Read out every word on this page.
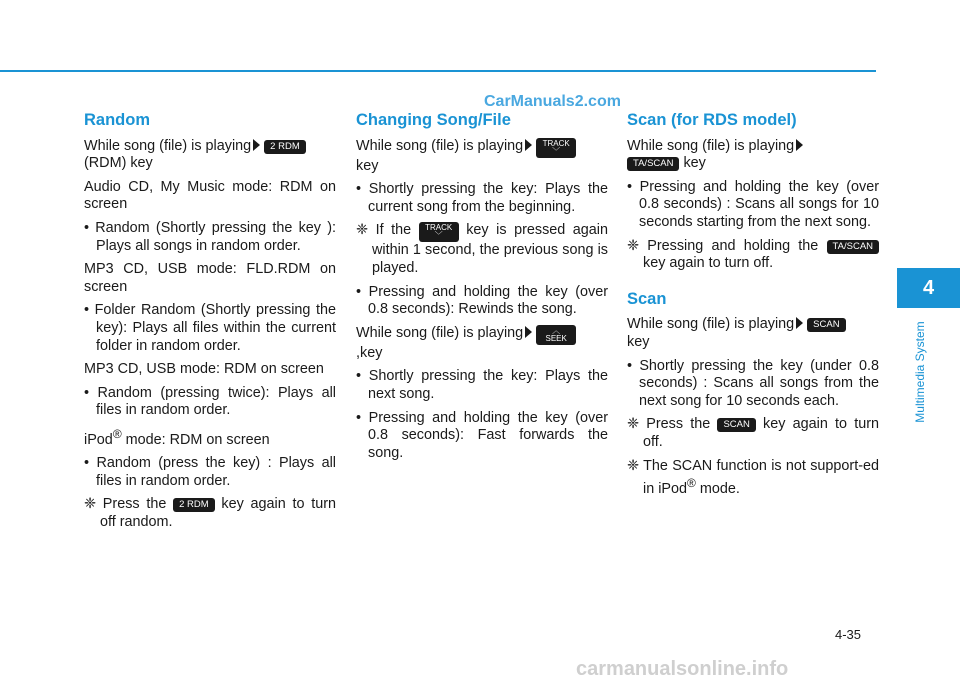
CarManuals2.com
Random
While song (file) is playing 2 RDM
(RDM) key
Audio CD, My Music mode: RDM on screen
• Random (Shortly pressing the key ): Plays all songs in random order.
MP3 CD, USB mode: FLD.RDM on screen
• Folder Random (Shortly pressing the key): Plays all files within the current folder in random order.
MP3 CD, USB mode: RDM on screen
• Random (pressing twice): Plays all files in random order.
iPod® mode: RDM on screen
• Random (press the key) : Plays all files in random order.
❈ Press the 2 RDM key again to turn off random.
Changing Song/File
While song (file) is playing TRACK
﹀
key
• Shortly pressing the key: Plays the current song from the beginning.
❈ If the TRACK
﹀ key is pressed again within 1 second, the previous song is played.
• Pressing and holding the key (over 0.8 seconds): Rewinds the song.
While song (file) is playing	︿
SEEK
,key
• Shortly pressing the key: Plays the next song.
• Pressing and holding the key (over 0.8 seconds): Fast forwards the song.
Scan (for RDS model)
While song (file) is playing
TA/SCAN key
• Pressing and holding the key (over 0.8 seconds) : Scans all songs for 10 seconds starting from the next song.
❈ Pressing and holding the TA/SCAN key again to turn off.
Scan
While song (file) is playing SCAN
key
• Shortly pressing the key (under 0.8 seconds) : Scans all songs from the next song for 10 seconds each.
❈ Press the SCAN key again to turn off.
❈ The SCAN function is not support-ed in iPod® mode.
4
Multimedia System
4-35
carmanualsonline.info
